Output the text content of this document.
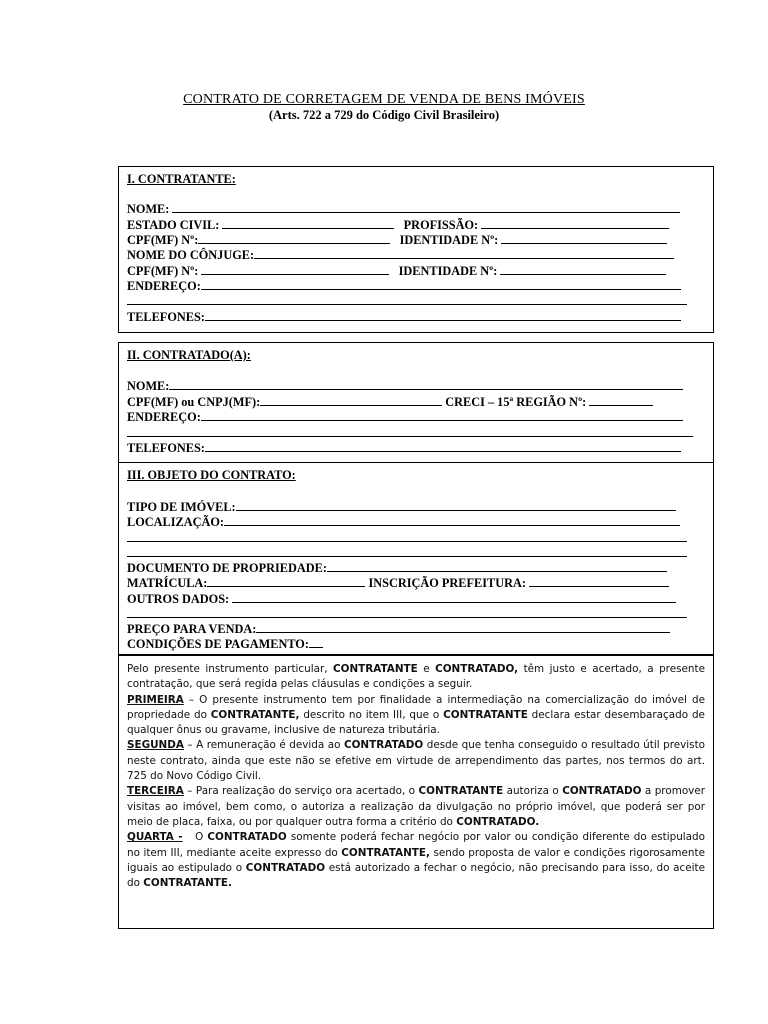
CONTRATO DE CORRETAGEM DE VENDA DE BENS IMÓVEIS
(Arts. 722 a 729 do Código Civil Brasileiro)
I. CONTRATANTE:
NOME:
ESTADO CIVIL:	PROFISSÃO:
CPF(MF) Nº:	IDENTIDADE Nº:
NOME DO CÔNJUGE:
CPF(MF) Nº:	IDENTIDADE Nº:
ENDEREÇO:
TELEFONES:
II. CONTRATADO(A):
NOME:
CPF(MF) ou CNPJ(MF):	CRECI – 15ª REGIÃO Nº:
ENDEREÇO:
TELEFONES:
III. OBJETO DO CONTRATO:
TIPO DE IMÓVEL:
LOCALIZAÇÃO:
DOCUMENTO DE PROPRIEDADE:
MATRÍCULA:	INSCRIÇÃO PREFEITURA:
OUTROS DADOS:
PREÇO PARA VENDA:
CONDIÇÕES DE PAGAMENTO:

Pelo presente instrumento particular, CONTRATANTE e CONTRATADO, têm justo e acertado, a presente contratação, que será regida pelas cláusulas e condições a seguir.

PRIMEIRA – O presente instrumento tem por finalidade a intermediação na comercialização do imóvel de propriedade do CONTRATANTE, descrito no item III, que o CONTRATANTE declara estar desembaraçado de qualquer ônus ou gravame, inclusive de natureza tributária.

SEGUNDA – A remuneração é devida ao CONTRATADO desde que tenha conseguido o resultado útil previsto neste contrato, ainda que este não se efetive em virtude de arrependimento das partes, nos termos do art. 725 do Novo Código Civil.

TERCEIRA – Para realização do serviço ora acertado, o CONTRATANTE autoriza o CONTRATADO a promover visitas ao imóvel, bem como, o autoriza a realização da divulgação no próprio imóvel, que poderá ser por meio de placa, faixa, ou por qualquer outra forma a critério do CONTRATADO.

QUARTA - O CONTRATADO somente poderá fechar negócio por valor ou condição diferente do estipulado no item III, mediante aceite expresso do CONTRATANTE, sendo proposta de valor e condições rigorosamente iguais ao estipulado o CONTRATADO está autorizado a fechar o negócio, não precisando para isso, do aceite do CONTRATANTE.
